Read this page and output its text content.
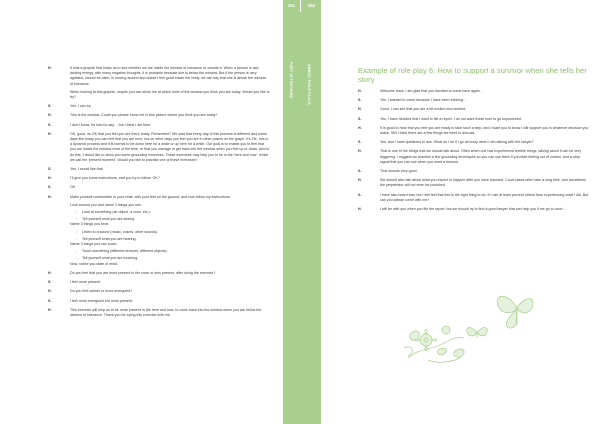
151	152
PART III TEACHING	ANNEX: ROLE PLAYS
H.	It was a graphic that helps us to see whether we are inside the window of tolerance or outside it. When a person is sad, lacking energy, with many negative thoughts, it is probable because she is below the window. But if the person is very agitated, cannot be calm, is moving around and doesn’t feel good inside her body, we can say that she is above the window of tolerance.

When looking at this graphic, maybe you can show me at which level of the window you think you are today. Would you like to try?

S.	Yes, I can try.

H.	This is the window. Could you please show me in this picture where you think you are today?

S.	I don’t know, it’s hard to say… but I think I am here.

H.	OK, good, its OK that you feel you are there today. Remember? We said that every day of this process is different and some days like today you can feel that you are here, but on other days you feel you are in other places on the graph. It’s OK, this is a dynamic process and it is normal to be down here for a while or up here for a while. Our goal is to enable you to feel that you are inside the window most of the time, or that you manage to get back into the window when you feel up or down. And to do this, I would like to show you some grounding exercises. These exercises may help you to be in the ‘here and now’, which we call the ‘present moment’. Would you like to practise one of these exercises?

S.	Yes, I would like that.

H.	I’ll give you some instructions, and you try to follow. OK?

S.	OK.

H.	Make yourself comfortable in your chair, with your feet on the ground, and now follow my instructions.

Look around you and name 3 things you see.

•	Look at something (an object, a color, etc.).
•	Tell yourself what you are seeing.

Name 3 things you hear.

•	Listen to a sound (music, voices, other sounds).
•	Tell yourself what you are hearing.

Name 3 things you can touch.

•	Touch something (different textures, different objects).
•	Tell yourself what you are touching.

Now, notice you state of mind.

H.	Do you feel that you are more present in the room or less present, after doing the exercise?

S.	I feel more present.

H.	Do you feel calmer or more energized?

S.	I feel more energized but more present.

H.	This exercise will help us to be more present in the here and now, to come back into the window when you are below the window of tolerance. Thank you for trying this exercise with me.

Example of role play 6: How to support a survivor when she tells her story
H.	Welcome back, I am glad that you decided to come back again.
S.	Yes, I wanted to come because I have been thinking…
H.	Good, I can see that you are a bit excited and worried.
S.	Yes, I have decided that I want to file a report. I do not want these men to go unpunished.
H.	It is good to hear that you feel you are ready to take such a step, and I want you to know I will support you in whatever decision you make. Still I think there are a few things we need to discuss.
S.	Yes, and I have questions to ask. What do I do if I go all crazy when I am talking with the lawyer?
H.	That is one of the things that we should talk about. Often when one has experienced terrible things, talking about it can be very triggering. I suggest we practise a few grounding techniques so you can use them if you start feeling out of control. And a stop signal that you can use when you need a timeout.
S.	That sounds very good.
H.	We should also talk about what you expect to happen after you have reported. Court cases often take a long time, and sometimes the perpetrator will not even be punished.
S.	I have also heard that, but I still feel that this is the right thing to do. If I can at least prevent others from experiencing what I did. But can you please come with me?
H.	I will be with you when you file the report, but we should try to find a good lawyer that can help you if we go to court…
